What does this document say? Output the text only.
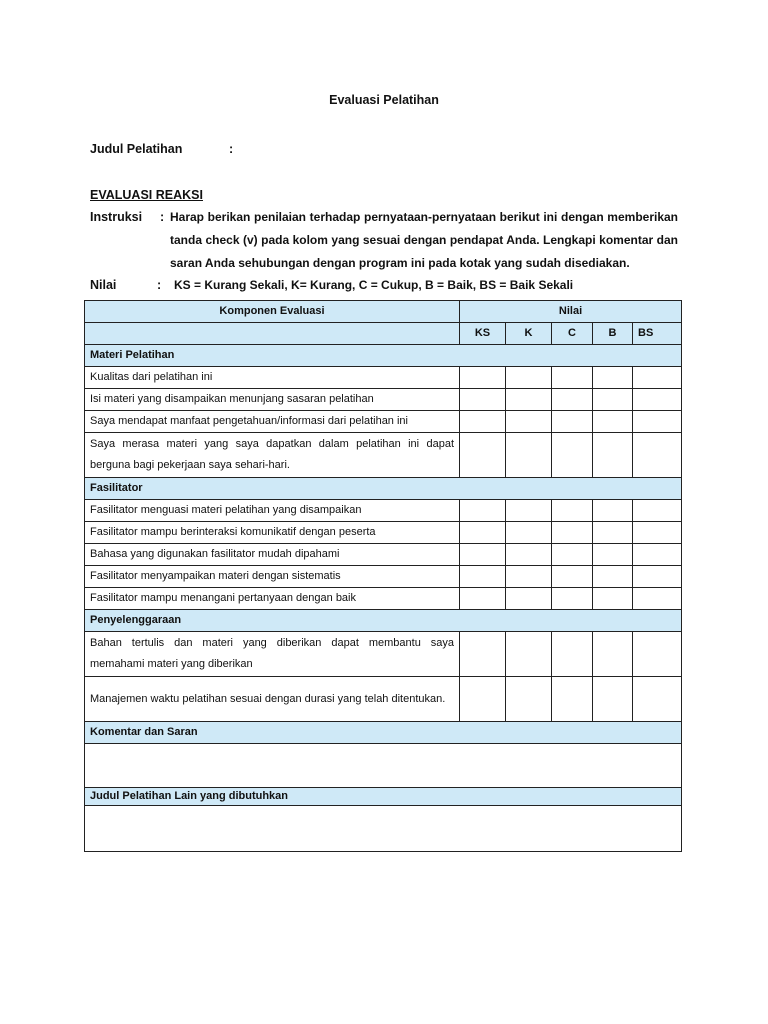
Evaluasi Pelatihan
Judul Pelatihan	:
EVALUASI REAKSI
Instruksi : Harap berikan penilaian terhadap pernyataan-pernyataan berikut ini dengan memberikan
tanda check (v) pada kolom yang sesuai dengan pendapat Anda. Lengkapi komentar dan
saran Anda sehubungan dengan program ini pada kotak yang sudah disediakan.
Nilai	: KS = Kurang Sekali, K= Kurang, C = Cukup, B = Baik, BS = Baik Sekali
Komponen Evaluasi	Nilai				
	KS	K	C	B	BS
Materi Pelatihan					
Kualitas dari pelatihan ini					
Isi materi yang disampaikan menunjang sasaran pelatihan					
Saya mendapat manfaat pengetahuan/informasi dari pelatihan ini					
Saya merasa materi yang saya dapatkan dalam pelatihan ini dapat berguna bagi pekerjaan saya sehari-hari.					
Fasilitator					
Fasilitator menguasi materi pelatihan yang disampaikan					
Fasilitator mampu berinteraksi komunikatif dengan peserta					
Bahasa yang digunakan fasilitator mudah dipahami					
Fasilitator menyampaikan materi dengan sistematis					
Fasilitator mampu menangani pertanyaan dengan baik					
Penyelenggaraan					
Bahan tertulis dan materi yang diberikan dapat membantu saya memahami materi yang diberikan					
Manajemen waktu pelatihan sesuai dengan durasi yang telah ditentukan.					
Komentar dan Saran					

Judul Pelatihan Lain yang dibutuhkan					
